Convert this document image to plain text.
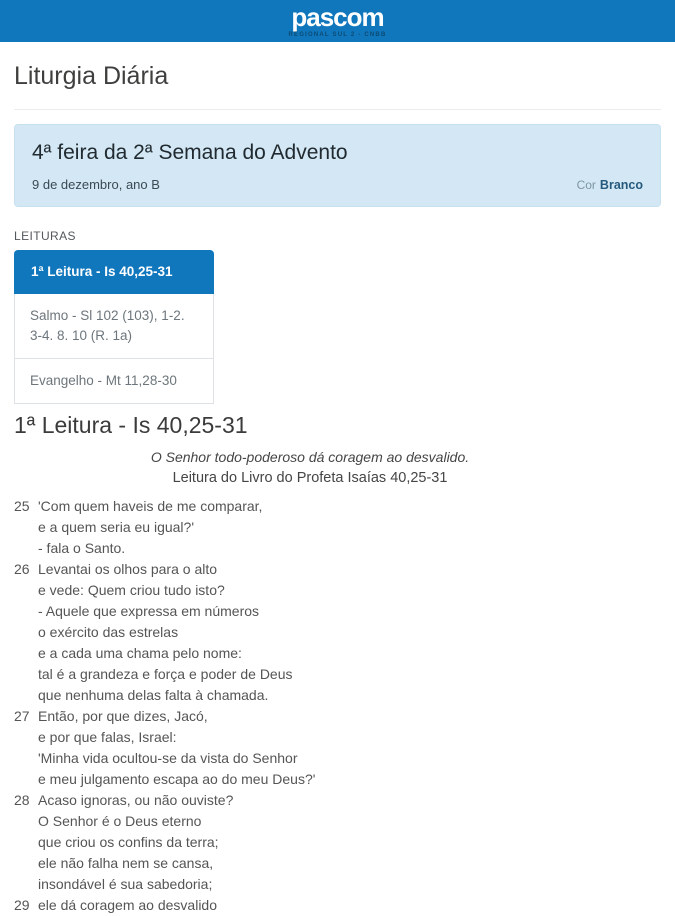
pascom
REGIONAL SUL 2 - CNBB
Liturgia Diária
4ª feira da 2ª Semana do Advento
9 de dezembro, ano B	Cor Branco
LEITURAS
1ª Leitura - Is 40,25-31
Salmo - Sl 102 (103), 1-2. 3-4. 8. 10 (R. 1a)
Evangelho - Mt 11,28-30
1ª Leitura - Is 40,25-31
O Senhor todo-poderoso dá coragem ao desvalido.
Leitura do Livro do Profeta Isaías 40,25-31
25 'Com quem haveis de me comparar,
e a quem seria eu igual?'
- fala o Santo.
26 Levantai os olhos para o alto
e vede: Quem criou tudo isto?
- Aquele que expressa em números
o exército das estrelas
e a cada uma chama pelo nome:
tal é a grandeza e força e poder de Deus
que nenhuma delas falta à chamada.
27 Então, por que dizes, Jacó,
e por que falas, Israel:
'Minha vida ocultou-se da vista do Senhor
e meu julgamento escapa ao do meu Deus?'
28 Acaso ignoras, ou não ouviste?
O Senhor é o Deus eterno
que criou os confins da terra;
ele não falha nem se cansa,
insondável é sua sabedoria;
29 ele dá coragem ao desvalido
